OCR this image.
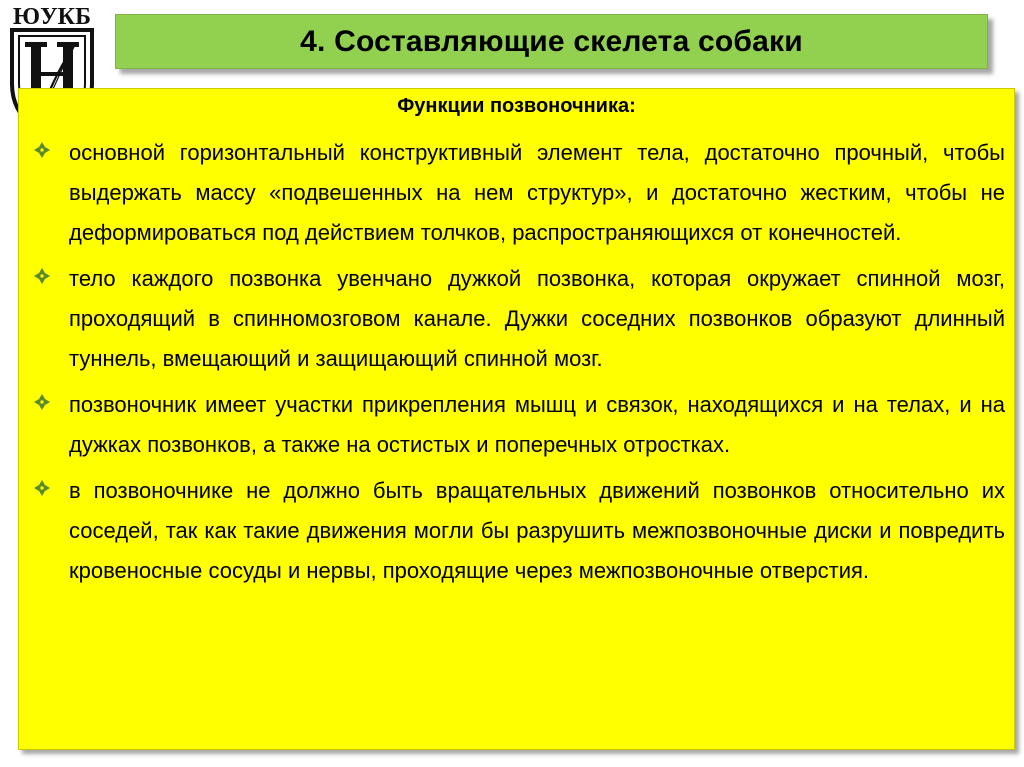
ЮУКБ
4. Составляющие скелета собаки

Функции позвоночника:

основной горизонтальный конструктивный элемент тела, достаточно прочный, чтобы выдержать массу «подвешенных на нем структур», и достаточно жестким, чтобы не деформироваться под действием толчков, распространяющихся от конечностей.
тело каждого позвонка увенчано дужкой позвонка, которая окружает спинной мозг, проходящий в спинномозговом канале. Дужки соседних позвонков образуют длинный туннель, вмещающий и защищающий спинной мозг.
позвоночник имеет участки прикрепления мышц и связок, находящихся и на телах, и на дужках позвонков, а также на остистых и поперечных отростках.
в позвоночнике не должно быть вращательных движений позвонков относительно их соседей, так как такие движения могли бы разрушить межпозвоночные диски и повредить кровеносные сосуды и нервы, проходящие через межпозвоночные отверстия.
